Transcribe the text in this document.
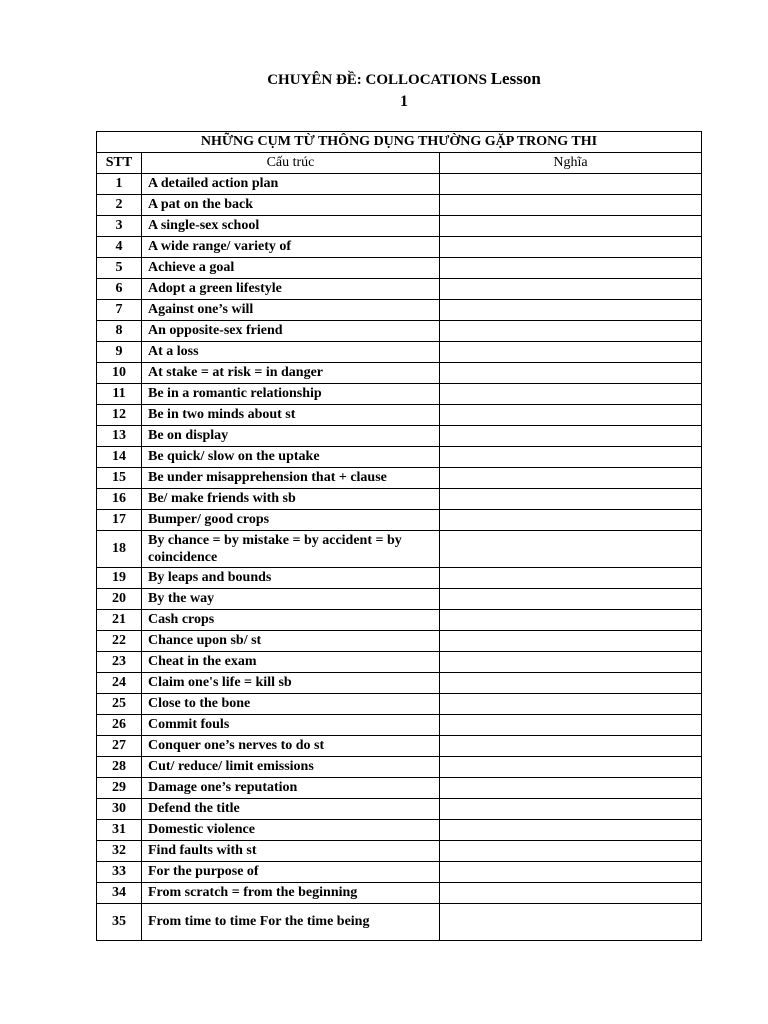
CHUYÊN ĐỀ: COLLOCATIONS Lesson
1
NHỮNG CỤM TỪ THÔNG DỤNG THƯỜNG GẶP TRONG THI		
STT	Cấu trúc	Nghĩa
1	A detailed action plan	
2	A pat on the back	
3	A single-sex school	
4	A wide range/ variety of	
5	Achieve a goal	
6	Adopt a green lifestyle	
7	Against one’s will	
8	An opposite-sex friend	
9	At a loss	
10	At stake = at risk = in danger	
11	Be in a romantic relationship	
12	Be in two minds about st	
13	Be on display	
14	Be quick/ slow on the uptake	
15	Be under misapprehension that + clause	
16	Be/ make friends with sb	
17	Bumper/ good crops	
18	By chance = by mistake = by accident = by coincidence	
19	By leaps and bounds	
20	By the way	
21	Cash crops	
22	Chance upon sb/ st	
23	Cheat in the exam	
24	Claim one's life = kill sb	
25	Close to the bone	
26	Commit fouls	
27	Conquer one’s nerves to do st	
28	Cut/ reduce/ limit emissions	
29	Damage one’s reputation	
30	Defend the title	
31	Domestic violence	
32	Find faults with st	
33	For the purpose of	
34	From scratch = from the beginning	
35	From time to time For the time being	
